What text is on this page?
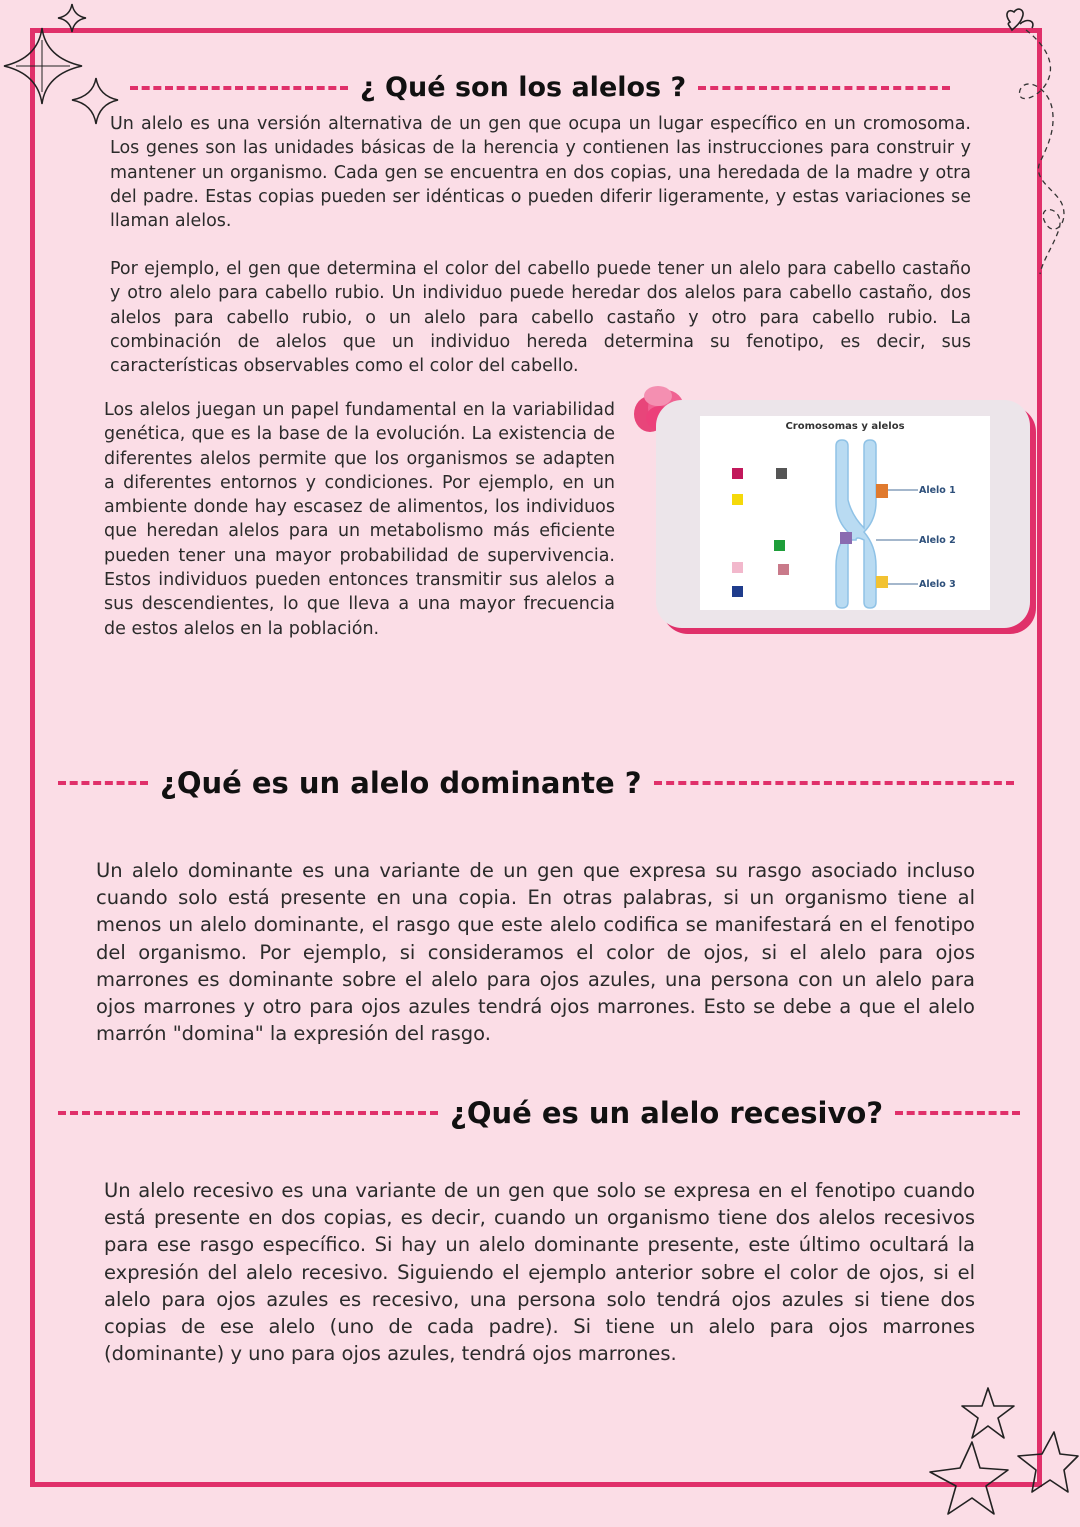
¿ Qué son los alelos ?

Un alelo es una versión alternativa de un gen que ocupa un lugar específico en un cromosoma. Los genes son las unidades básicas de la herencia y contienen las instrucciones para construir y mantener un organismo. Cada gen se encuentra en dos copias, una heredada de la madre y otra del padre. Estas copias pueden ser idénticas o pueden diferir ligeramente, y estas variaciones se llaman alelos.

Por ejemplo, el gen que determina el color del cabello puede tener un alelo para cabello castaño y otro alelo para cabello rubio. Un individuo puede heredar dos alelos para cabello castaño, dos alelos para cabello rubio, o un alelo para cabello castaño y otro para cabello rubio. La combinación de alelos que un individuo hereda determina su fenotipo, es decir, sus características observables como el color del cabello.

Los alelos juegan un papel fundamental en la variabilidad genética, que es la base de la evolución. La existencia de diferentes alelos permite que los organismos se adapten a diferentes entornos y condiciones. Por ejemplo, en un ambiente donde hay escasez de alimentos, los individuos que heredan alelos para un metabolismo más eficiente pueden tener una mayor probabilidad de supervivencia. Estos individuos pueden entonces transmitir sus alelos a sus descendientes, lo que lleva a una mayor frecuencia de estos alelos en la población.

Cromosomas y alelos
Alelo 1
Alelo 2
Alelo 3
¿Qué es un alelo dominante ?

Un alelo dominante es una variante de un gen que expresa su rasgo asociado incluso cuando solo está presente en una copia. En otras palabras, si un organismo tiene al menos un alelo dominante, el rasgo que este alelo codifica se manifestará en el fenotipo del organismo. Por ejemplo, si consideramos el color de ojos, si el alelo para ojos marrones es dominante sobre el alelo para ojos azules, una persona con un alelo para ojos marrones y otro para ojos azules tendrá ojos marrones. Esto se debe a que el alelo marrón "domina" la expresión del rasgo.

¿Qué es un alelo recesivo?

Un alelo recesivo es una variante de un gen que solo se expresa en el fenotipo cuando está presente en dos copias, es decir, cuando un organismo tiene dos alelos recesivos para ese rasgo específico. Si hay un alelo dominante presente, este último ocultará la expresión del alelo recesivo. Siguiendo el ejemplo anterior sobre el color de ojos, si el alelo para ojos azules es recesivo, una persona solo tendrá ojos azules si tiene dos copias de ese alelo (uno de cada padre). Si tiene un alelo para ojos marrones (dominante) y uno para ojos azules, tendrá ojos marrones.
